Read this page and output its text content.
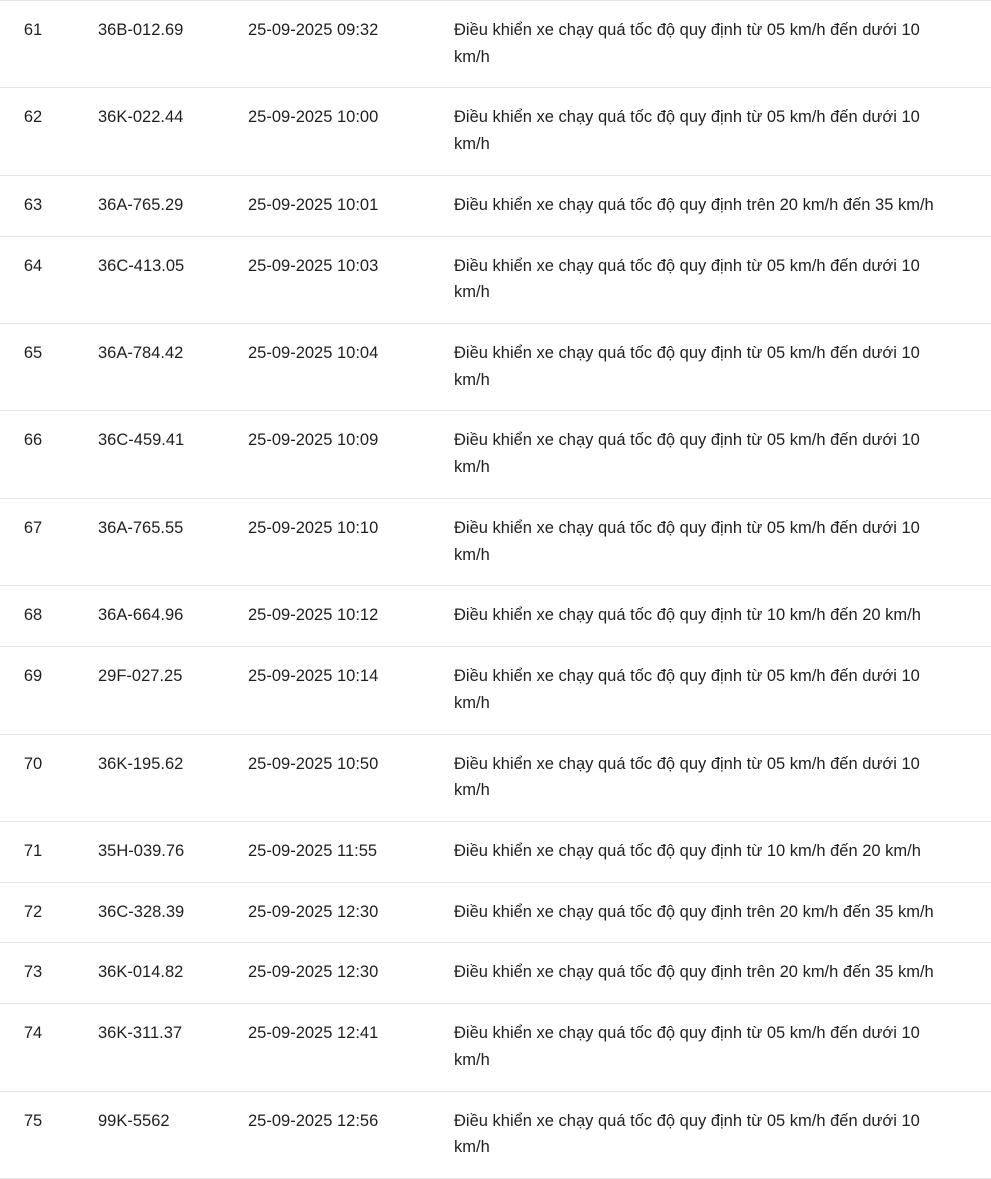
61	36B-012.69	25-09-2025 09:32	Điều khiển xe chạy quá tốc độ quy định từ 05 km/h đến dưới 10 km/h
62	36K-022.44	25-09-2025 10:00	Điều khiển xe chạy quá tốc độ quy định từ 05 km/h đến dưới 10 km/h
63	36A-765.29	25-09-2025 10:01	Điều khiển xe chạy quá tốc độ quy định trên 20 km/h đến 35 km/h
64	36C-413.05	25-09-2025 10:03	Điều khiển xe chạy quá tốc độ quy định từ 05 km/h đến dưới 10 km/h
65	36A-784.42	25-09-2025 10:04	Điều khiển xe chạy quá tốc độ quy định từ 05 km/h đến dưới 10 km/h
66	36C-459.41	25-09-2025 10:09	Điều khiển xe chạy quá tốc độ quy định từ 05 km/h đến dưới 10 km/h
67	36A-765.55	25-09-2025 10:10	Điều khiển xe chạy quá tốc độ quy định từ 05 km/h đến dưới 10 km/h
68	36A-664.96	25-09-2025 10:12	Điều khiển xe chạy quá tốc độ quy định từ 10 km/h đến 20 km/h
69	29F-027.25	25-09-2025 10:14	Điều khiển xe chạy quá tốc độ quy định từ 05 km/h đến dưới 10 km/h
70	36K-195.62	25-09-2025 10:50	Điều khiển xe chạy quá tốc độ quy định từ 05 km/h đến dưới 10 km/h
71	35H-039.76	25-09-2025 11:55	Điều khiển xe chạy quá tốc độ quy định từ 10 km/h đến 20 km/h
72	36C-328.39	25-09-2025 12:30	Điều khiển xe chạy quá tốc độ quy định trên 20 km/h đến 35 km/h
73	36K-014.82	25-09-2025 12:30	Điều khiển xe chạy quá tốc độ quy định trên 20 km/h đến 35 km/h
74	36K-311.37	25-09-2025 12:41	Điều khiển xe chạy quá tốc độ quy định từ 05 km/h đến dưới 10 km/h
75	99K-5562	25-09-2025 12:56	Điều khiển xe chạy quá tốc độ quy định từ 05 km/h đến dưới 10 km/h
